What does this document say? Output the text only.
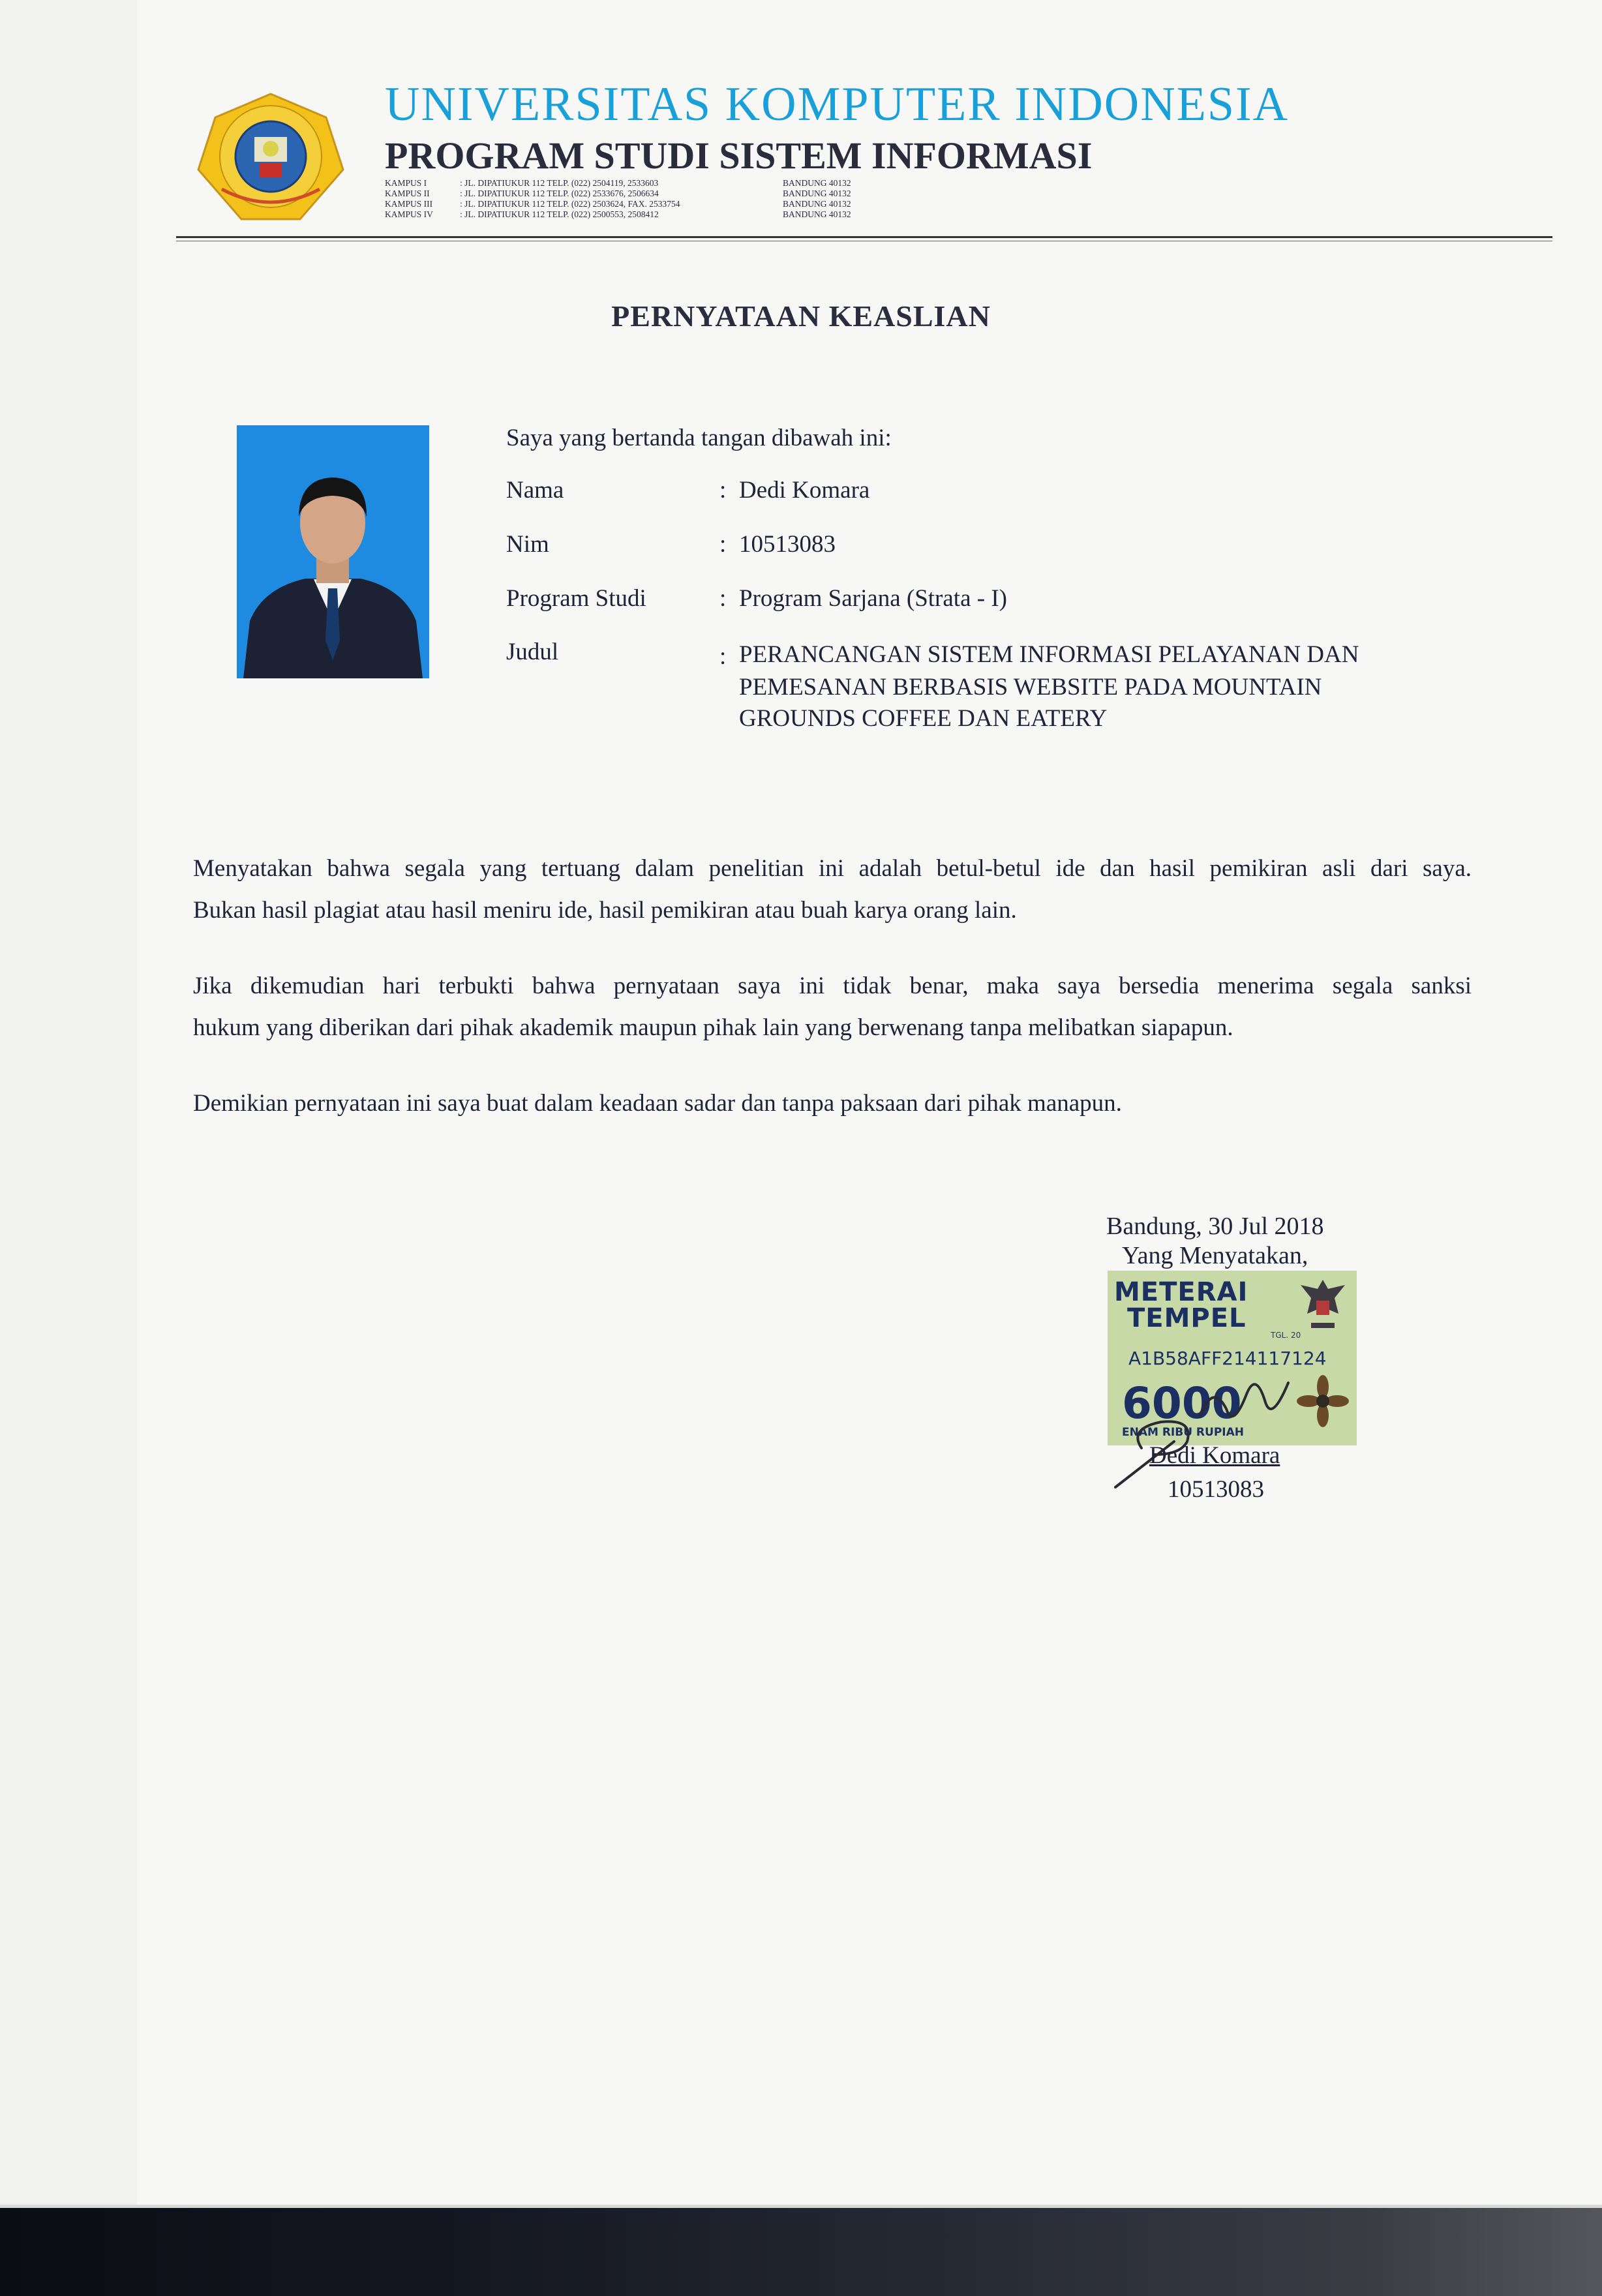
UNIVERSITAS KOMPUTER INDONESIA
PROGRAM STUDI SISTEM INFORMASI
KAMPUS I	: JL. DIPATIUKUR 112 TELP. (022) 2504119, 2533603	BANDUNG 40132
KAMPUS II	: JL. DIPATIUKUR 112 TELP. (022) 2533676, 2506634	BANDUNG 40132
KAMPUS III	: JL. DIPATIUKUR 112 TELP. (022) 2503624, FAX. 2533754	BANDUNG 40132
KAMPUS IV	: JL. DIPATIUKUR 112 TELP. (022) 2500553, 2508412	BANDUNG 40132
PERNYATAAN KEASLIAN
Saya yang bertanda tangan dibawah ini:
Nama	: Dedi Komara
Nim	: 10513083
Program Studi	: Program Sarjana (Strata - I)
Judul	: PERANCANGAN SISTEM INFORMASI PELAYANAN DAN
PEMESANAN BERBASIS WEBSITE PADA MOUNTAIN
GROUNDS COFFEE DAN EATERY
Menyatakan bahwa segala yang tertuang dalam penelitian ini adalah betul-betul ide dan hasil pemikiran asli dari saya.
Bukan hasil plagiat atau hasil meniru ide, hasil pemikiran atau buah karya orang lain.
Jika dikemudian hari terbukti bahwa pernyataan saya ini tidak benar, maka saya bersedia menerima segala sanksi
hukum yang diberikan dari pihak akademik maupun pihak lain yang berwenang tanpa melibatkan siapapun.
Demikian pernyataan ini saya buat dalam keadaan sadar dan tanpa paksaan dari pihak manapun.
Bandung, 30 Jul 2018
Yang Menyatakan,
METERAI
TEMPEL
TGL. 20
A1B58AFF214117124
6000
ENAM RIBU RUPIAH
Dedi Komara
10513083
